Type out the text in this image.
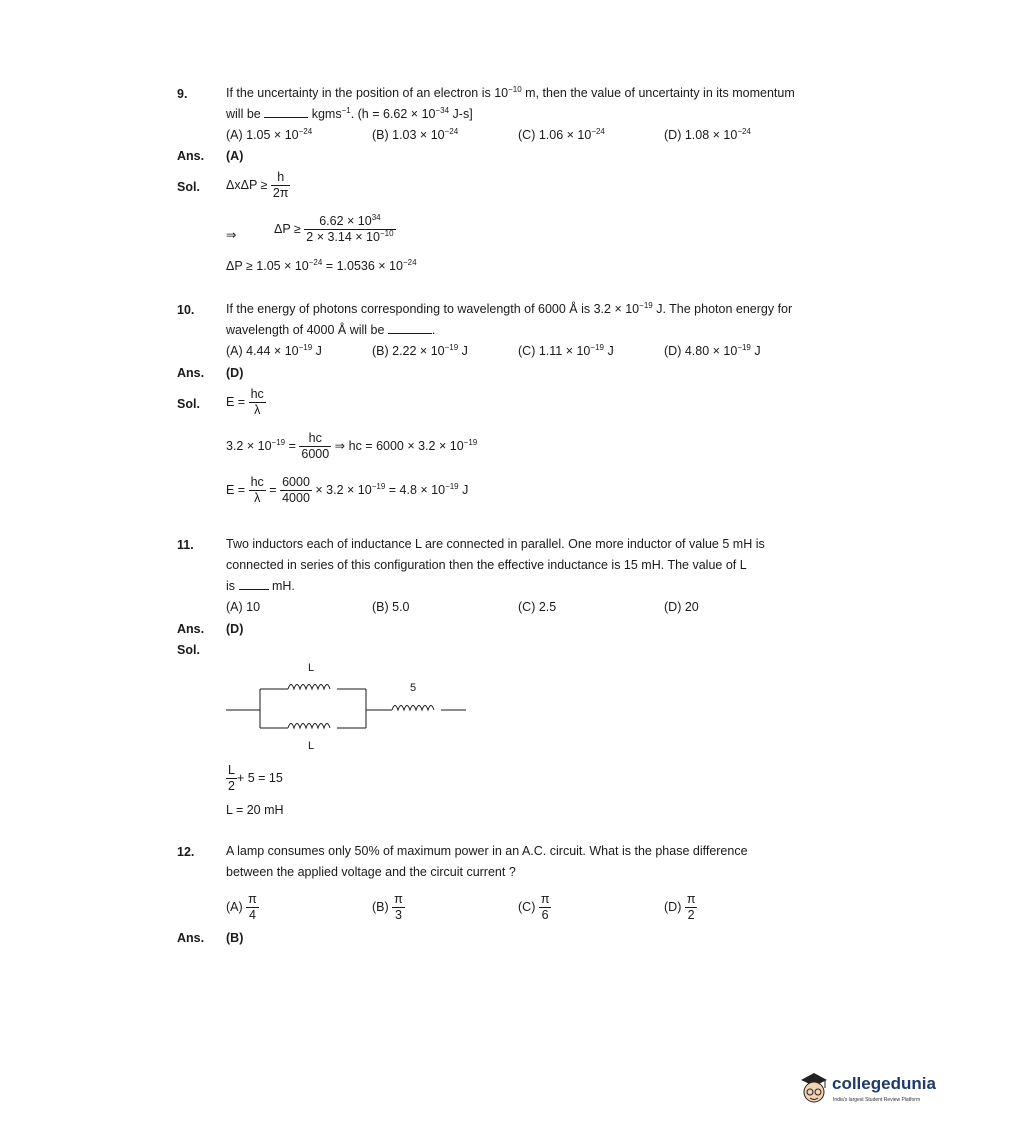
9.	If the uncertainty in the position of an electron is $10^{-10}$ m, then the value of uncertainty in its momentum
will be	kgms$^{-1}$. ($h = 6.62 \times 10^{-34}$ J-s]
(A) $1.05 \times 10^{-24}$	(B) $1.03 \times 10^{-24}$	(C) $1.06 \times 10^{-24}$	(D) $1.08 \times 10^{-24}$
Ans. (A)
Sol. $\Delta x\Delta P \ge \frac{h}{2\pi}$
⇒	$\Delta P \ge \frac{6.62 \times 10^{34}}{2 \times 3.14 \times 10^{-10}}$
$\Delta P \ge 1.05 \times 10^{-24} = 1.0536 \times 10^{-24}$
10.	If the energy of photons corresponding to wavelength of 6000 Å is $3.2 \times 10^{-19}$ J. The photon energy for
wavelength of 4000 Å will be	.
(A) $4.44 \times 10^{-19}$ J	(B) $2.22 \times 10^{-19}$ J	(C) $1.11 \times 10^{-19}$ J	(D) $4.80 \times 10^{-19}$ J
Ans. (D)
Sol. $E = \frac{hc}{\lambda}$
$3.2 \times 10^{-19} = \frac{hc}{6000}$ ⇒ hc = $6000 \times 3.2 \times 10^{-19}$
$E = \frac{hc}{\lambda} = \frac{6000}{4000} \times 3.2 \times 10^{-19} = 4.8 \times 10^{-19}$ J
11.	Two inductors each of inductance L are connected in parallel. One more inductor of value 5 mH is
connected in series of this configuration then the effective inductance is 15 mH. The value of L
is	mH.
(A) 10	(B) 5.0	(C) 2.5	(D) 20
Ans. (D)
Sol.
L
L
5
$\frac{L}{2} + 5 = 15$
L = 20 mH
12.	A lamp consumes only 50% of maximum power in an A.C. circuit. What is the phase difference
between the applied voltage and the circuit current ?
$(A) \frac{\pi}{4}$	$(B) \frac{\pi}{3}$	$(C) \frac{\pi}{6}$	$(D) \frac{\pi}{2}$
Ans. (B)
collegedunia
India's largest Student Review Platform
